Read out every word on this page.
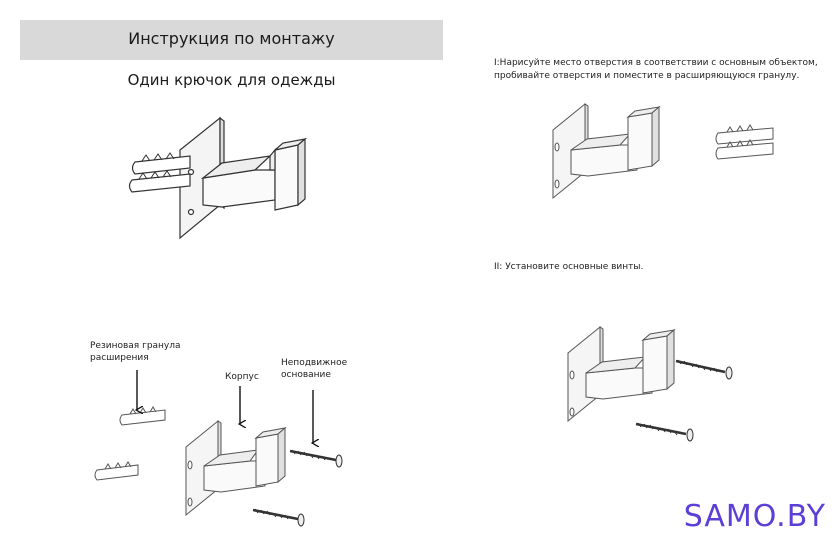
Инструкция по монтажу
Один крючок для одежды
I:Нарисуйте место отверстия в соответствии с основным объектом,
пробивайте отверстия и поместите в расширяющуюся гранулу.
II: Установите основные винты.
Резиновая гранула
расширения
Корпус
Неподвижное
основание
SAMO.BY
